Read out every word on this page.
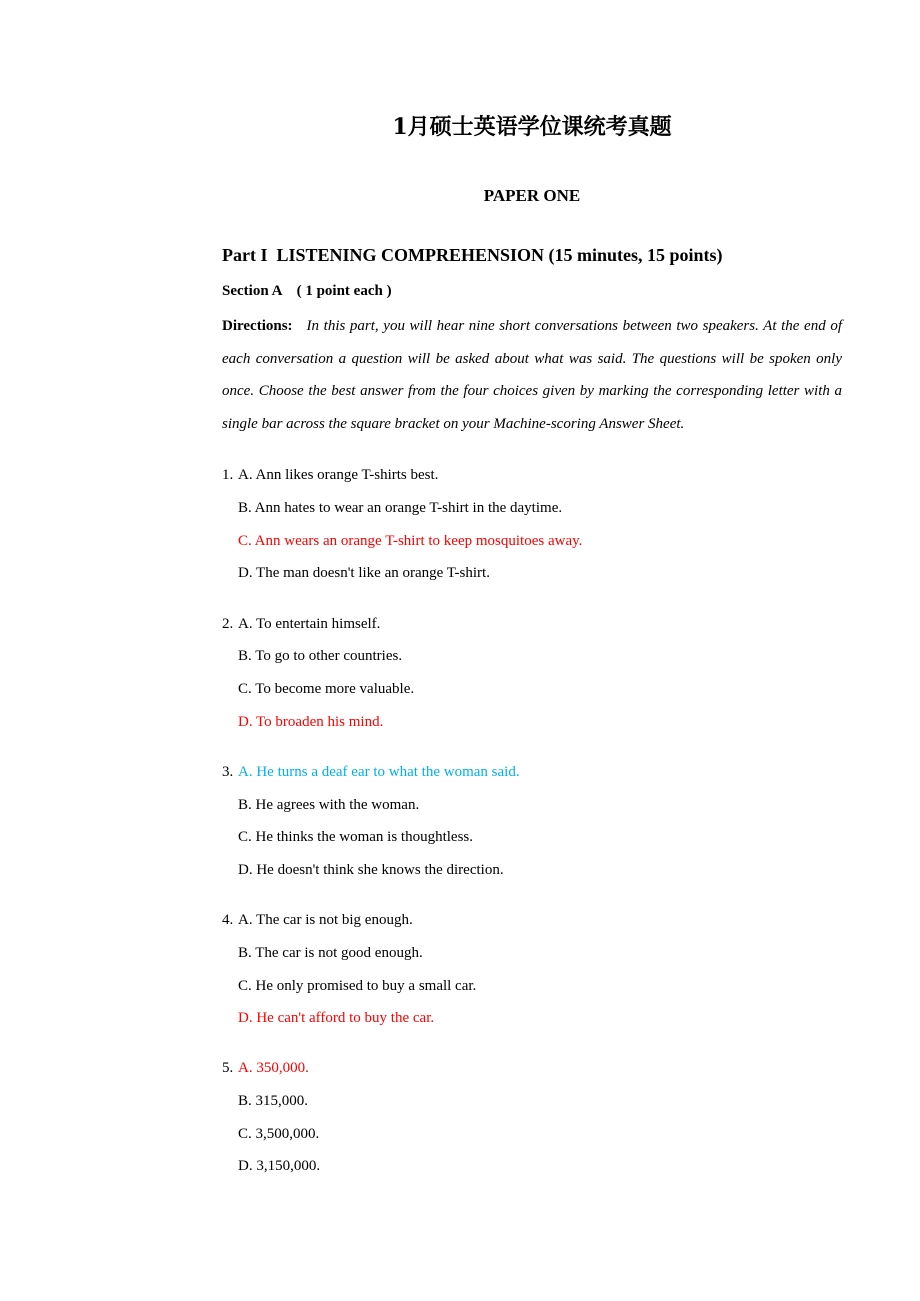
1月硕士英语学位课统考真题
PAPER ONE
Part I  LISTENING COMPREHENSION (15 minutes, 15 points)
Section A    ( 1 point each )
Directions: In this part, you will hear nine short conversations between two speakers. At the end of each conversation a question will be asked about what was said. The questions will be spoken only once. Choose the best answer from the four choices given by marking the corresponding letter with a single bar across the square bracket on your Machine-scoring Answer Sheet.
1. A. Ann likes orange T-shirts best.
B. Ann hates to wear an orange T-shirt in the daytime.
C. Ann wears an orange T-shirt to keep mosquitoes away.
D. The man doesn't like an orange T-shirt.
2. A. To entertain himself.
B. To go to other countries.
C. To become more valuable.
D. To broaden his mind.
3. A. He turns a deaf ear to what the woman said.
B. He agrees with the woman.
C. He thinks the woman is thoughtless.
D. He doesn't think she knows the direction.
4. A. The car is not big enough.
B. The car is not good enough.
C. He only promised to buy a small car.
D. He can't afford to buy the car.
5. A. 350,000.
B. 315,000.
C. 3,500,000.
D. 3,150,000.
